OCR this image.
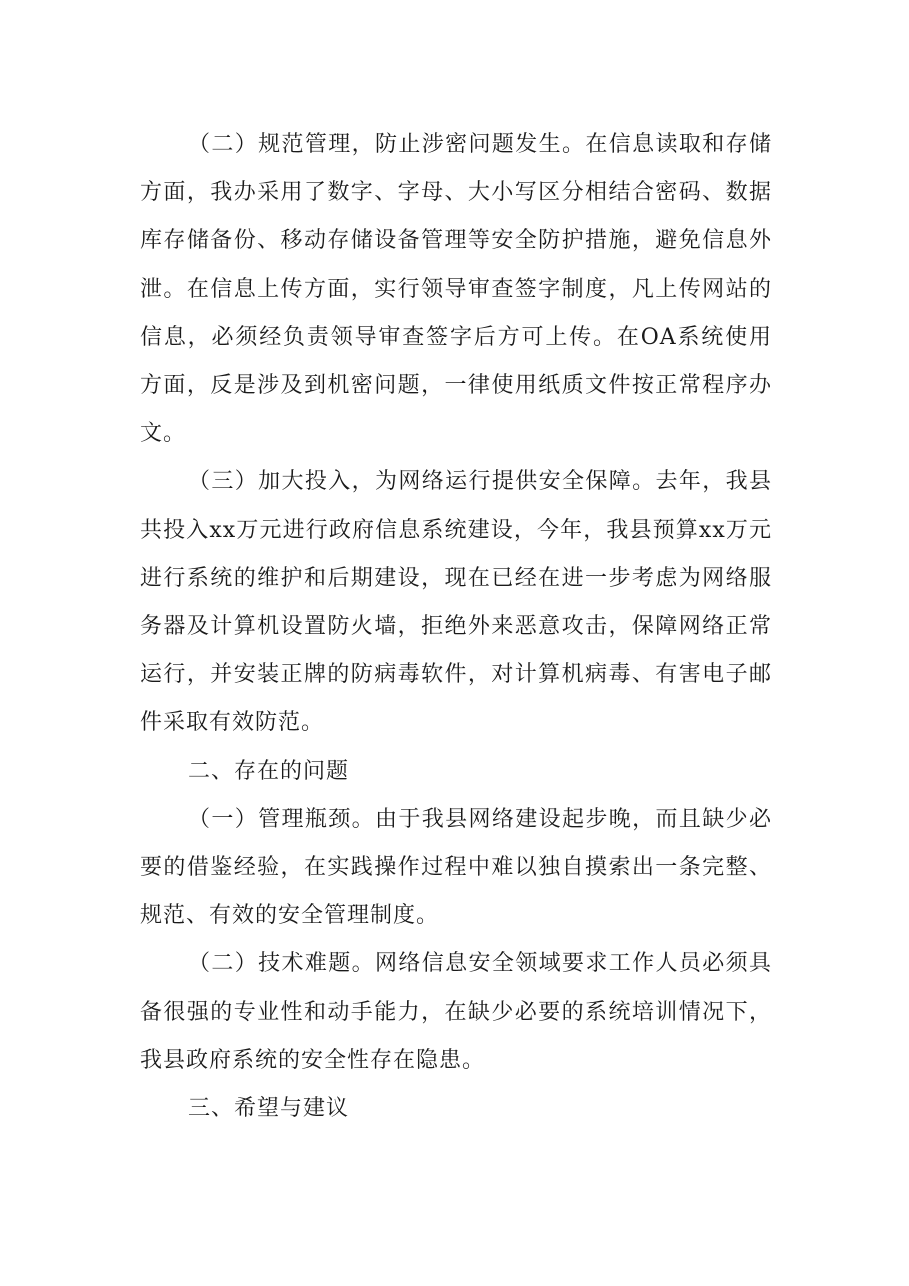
（二）规范管理，防止涉密问题发生。在信息读取和存储方面，我办采用了数字、字母、大小写区分相结合密码、数据库存储备份、移动存储设备管理等安全防护措施，避免信息外泄。在信息上传方面，实行领导审查签字制度，凡上传网站的信息，必须经负责领导审查签字后方可上传。在OA系统使用方面，反是涉及到机密问题，一律使用纸质文件按正常程序办文。

（三）加大投入，为网络运行提供安全保障。去年，我县共投入xx万元进行政府信息系统建设，今年，我县预算xx万元进行系统的维护和后期建设，现在已经在进一步考虑为网络服务器及计算机设置防火墙，拒绝外来恶意攻击，保障网络正常运行，并安装正牌的防病毒软件，对计算机病毒、有害电子邮件采取有效防范。

二、存在的问题

（一）管理瓶颈。由于我县网络建设起步晚，而且缺少必要的借鉴经验，在实践操作过程中难以独自摸索出一条完整、规范、有效的安全管理制度。

（二）技术难题。网络信息安全领域要求工作人员必须具备很强的专业性和动手能力，在缺少必要的系统培训情况下，我县政府系统的安全性存在隐患。

三、希望与建议
